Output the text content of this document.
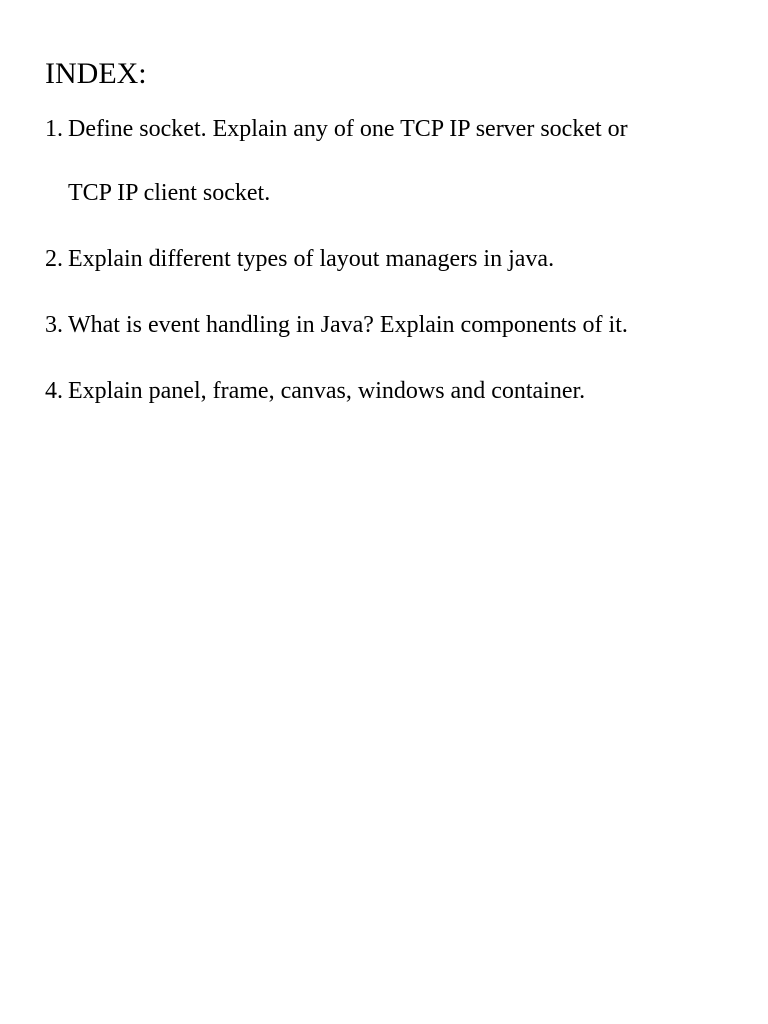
INDEX:
1. Define socket. Explain any of one TCP IP server socket or
TCP IP client socket.
2. Explain different types of layout managers in java.
3. What is event handling in Java? Explain components of it.
4. Explain panel, frame, canvas, windows and container.
